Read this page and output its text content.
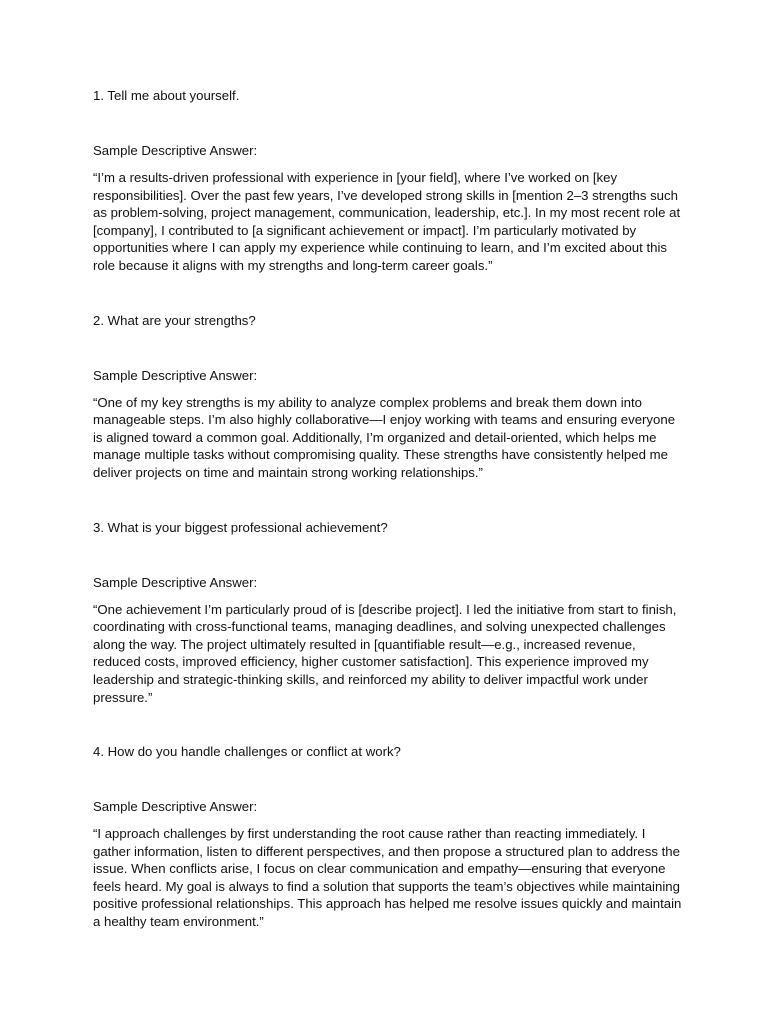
1. Tell me about yourself.

Sample Descriptive Answer:

“I’m a results-driven professional with experience in [your field], where I’ve worked on [key responsibilities]. Over the past few years, I’ve developed strong skills in [mention 2–3 strengths such as problem-solving, project management, communication, leadership, etc.]. In my most recent role at [company], I contributed to [a significant achievement or impact]. I’m particularly motivated by opportunities where I can apply my experience while continuing to learn, and I’m excited about this role because it aligns with my strengths and long-term career goals.”

2. What are your strengths?

Sample Descriptive Answer:

“One of my key strengths is my ability to analyze complex problems and break them down into manageable steps. I’m also highly collaborative—I enjoy working with teams and ensuring everyone is aligned toward a common goal. Additionally, I’m organized and detail-oriented, which helps me manage multiple tasks without compromising quality. These strengths have consistently helped me deliver projects on time and maintain strong working relationships.”

3. What is your biggest professional achievement?

Sample Descriptive Answer:

“One achievement I’m particularly proud of is [describe project]. I led the initiative from start to finish, coordinating with cross-functional teams, managing deadlines, and solving unexpected challenges along the way. The project ultimately resulted in [quantifiable result—e.g., increased revenue, reduced costs, improved efficiency, higher customer satisfaction]. This experience improved my leadership and strategic-thinking skills, and reinforced my ability to deliver impactful work under pressure.”

4. How do you handle challenges or conflict at work?

Sample Descriptive Answer:

“I approach challenges by first understanding the root cause rather than reacting immediately. I gather information, listen to different perspectives, and then propose a structured plan to address the issue. When conflicts arise, I focus on clear communication and empathy—ensuring that everyone feels heard. My goal is always to find a solution that supports the team’s objectives while maintaining positive professional relationships. This approach has helped me resolve issues quickly and maintain a healthy team environment.”
